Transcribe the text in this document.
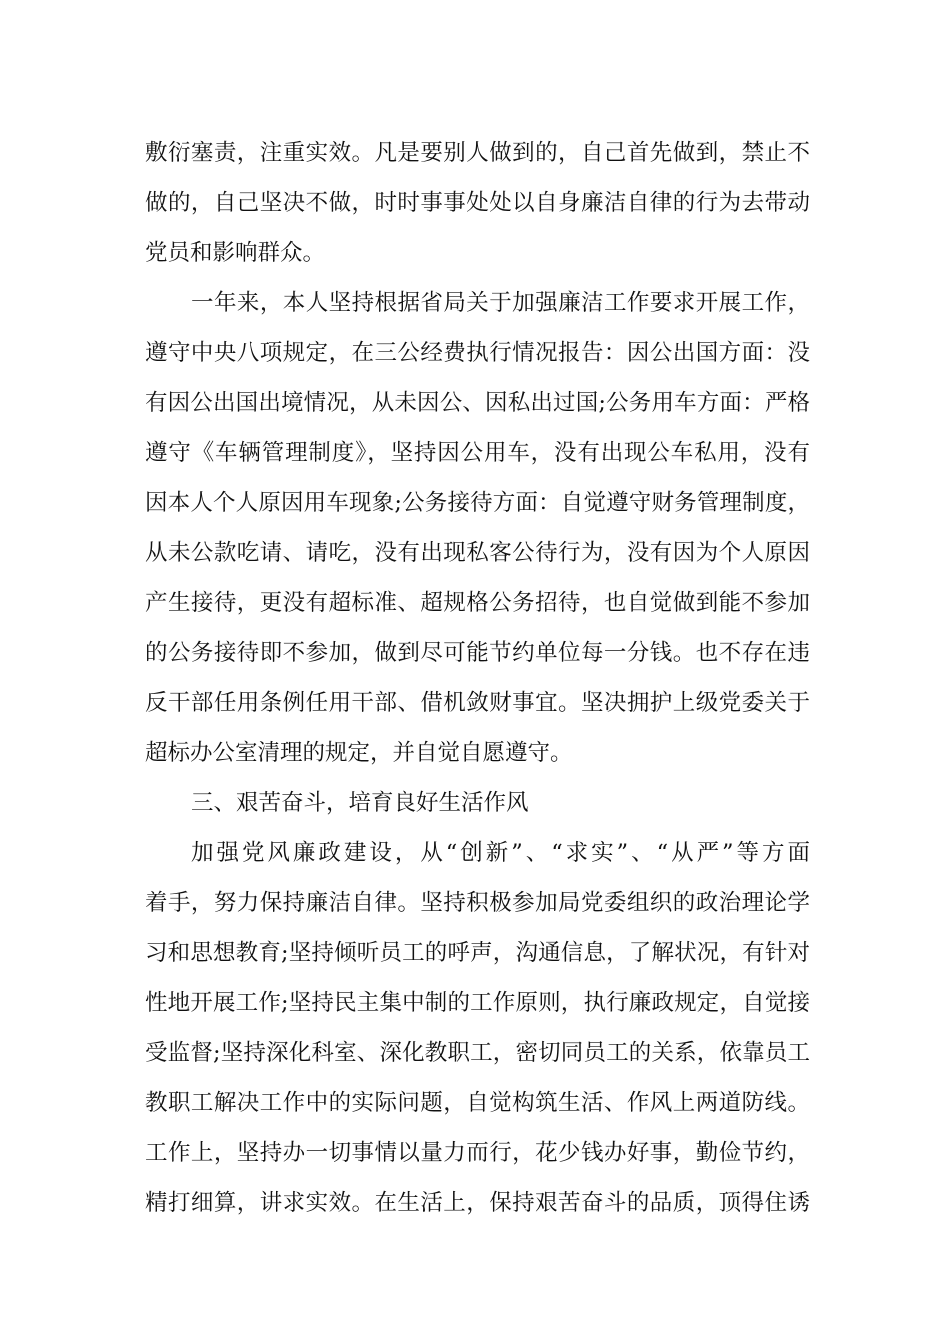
敷衍塞责，注重实效。凡是要别人做到的，自己首先做到，禁止不
做的，自己坚决不做，时时事事处处以自身廉洁自律的行为去带动
党员和影响群众。
一年来，本人坚持根据省局关于加强廉洁工作要求开展工作，
遵守中央八项规定，在三公经费执行情况报告：因公出国方面：没
有因公出国出境情况，从未因公、因私出过国;公务用车方面：严格
遵守《车辆管理制度》，坚持因公用车，没有出现公车私用，没有
因本人个人原因用车现象;公务接待方面：自觉遵守财务管理制度，
从未公款吃请、请吃，没有出现私客公待行为，没有因为个人原因
产生接待，更没有超标准、超规格公务招待，也自觉做到能不参加
的公务接待即不参加，做到尽可能节约单位每一分钱。也不存在违
反干部任用条例任用干部、借机敛财事宜。坚决拥护上级党委关于
超标办公室清理的规定，并自觉自愿遵守。
三、艰苦奋斗，培育良好生活作风
加强党风廉政建设，从“创新”、“求实”、“从严”等方面
着手，努力保持廉洁自律。坚持积极参加局党委组织的政治理论学
习和思想教育;坚持倾听员工的呼声，沟通信息，了解状况，有针对
性地开展工作;坚持民主集中制的工作原则，执行廉政规定，自觉接
受监督;坚持深化科室、深化教职工，密切同员工的关系，依靠员工
教职工解决工作中的实际问题，自觉构筑生活、作风上两道防线。
工作上，坚持办一切事情以量力而行，花少钱办好事，勤俭节约，
精打细算，讲求实效。在生活上，保持艰苦奋斗的品质，顶得住诱
